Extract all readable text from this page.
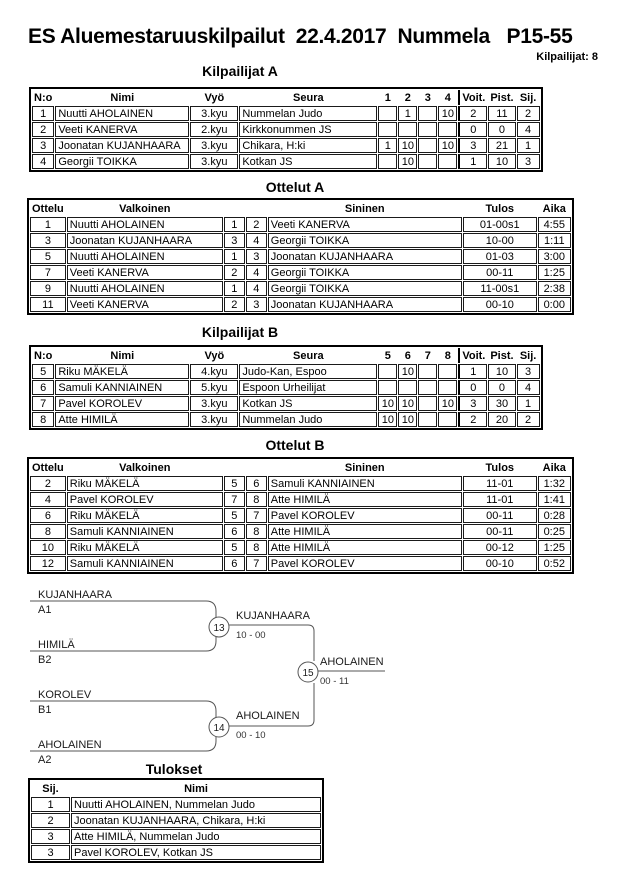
ES Aluemestaruuskilpailut  22.4.2017  Nummela   P15-55
Kilpailijat: 8
Kilpailijat A
N:o	Nimi	Vyö	Seura	1	2	3	4	Voit.	Pist.	Sij.
1	Nuutti AHOLAINEN	3.kyu	Nummelan Judo		1		10	2	11	2
2	Veeti KANERVA	2.kyu	Kirkkonummen JS					0	0	4
3	Joonatan KUJANHAARA	3.kyu	Chikara, H:ki	1	10		10	3	21	1
4	Georgii TOIKKA	3.kyu	Kotkan JS		10			1	10	3
Ottelut A
Ottelu	Valkoinen			Sininen	Tulos	Aika
1	Nuutti AHOLAINEN	1	2	Veeti KANERVA	01-00s1	4:55
3	Joonatan KUJANHAARA	3	4	Georgii TOIKKA	10-00	1:11
5	Nuutti AHOLAINEN	1	3	Joonatan KUJANHAARA	01-03	3:00
7	Veeti KANERVA	2	4	Georgii TOIKKA	00-11	1:25
9	Nuutti AHOLAINEN	1	4	Georgii TOIKKA	11-00s1	2:38
11	Veeti KANERVA	2	3	Joonatan KUJANHAARA	00-10	0:00
Kilpailijat B
N:o	Nimi	Vyö	Seura	5	6	7	8	Voit.	Pist.	Sij.
5	Riku MÄKELÄ	4.kyu	Judo-Kan, Espoo		10			1	10	3
6	Samuli KANNIAINEN	5.kyu	Espoon Urheilijat					0	0	4
7	Pavel KOROLEV	3.kyu	Kotkan JS	10	10		10	3	30	1
8	Atte HIMILÄ	3.kyu	Nummelan Judo	10	10			2	20	2
Ottelut B
Ottelu	Valkoinen			Sininen	Tulos	Aika
2	Riku MÄKELÄ	5	6	Samuli KANNIAINEN	11-01	1:32
4	Pavel KOROLEV	7	8	Atte HIMILÄ	11-01	1:41
6	Riku MÄKELÄ	5	7	Pavel KOROLEV	00-11	0:28
8	Samuli KANNIAINEN	6	8	Atte HIMILÄ	00-11	0:25
10	Riku MÄKELÄ	5	8	Atte HIMILÄ	00-12	1:25
12	Samuli KANNIAINEN	6	7	Pavel KOROLEV	00-10	0:52
KUJANHAARA
A1
HIMILÄ
B2
13
KUJANHAARA
10 - 00
KOROLEV
B1
AHOLAINEN
A2
14
AHOLAINEN
00 - 10
15
AHOLAINEN
00 - 11
Tulokset
Sij.	Nimi
1	Nuutti AHOLAINEN, Nummelan Judo
2	Joonatan KUJANHAARA, Chikara, H:ki
3	Atte HIMILÄ, Nummelan Judo
3	Pavel KOROLEV, Kotkan JS
